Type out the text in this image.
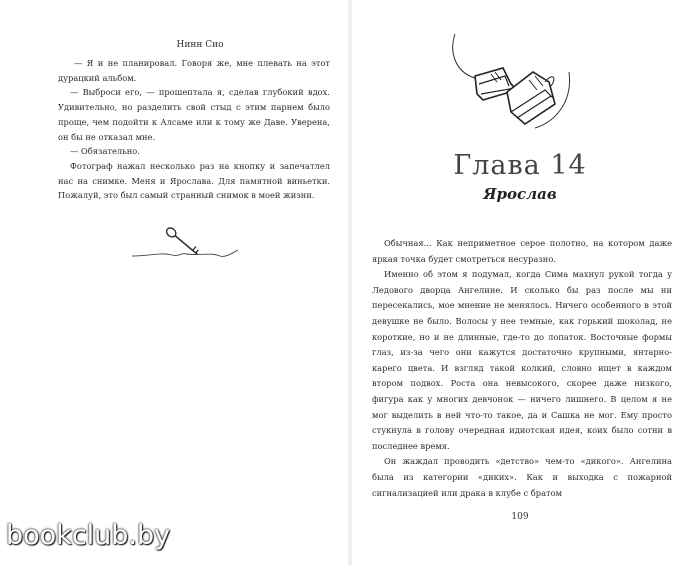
Нинн Сио

— Я и не планировал. Говоря же, мне плевать на этот дурацкий альбом.

— Выброси его, — прошептала я, сделав глубокий вдох. Удивительно, но разделить свой стыд с этим парнем было проще, чем подойти к Алсаме или к тому же Даве. Уверена, он бы не отказал мне.

— Обязательно.

Фотограф нажал несколько раз на кнопку и запечатлел нас на снимке. Меня и Ярослава. Для памятной виньетки. Пожалуй, это был самый странный снимок в моей жизни.

Глава 14
Ярослав

Обычная... Как неприметное серое полотно, на котором даже яркая точка будет смотреться несуразно.

Именно об этом я подумал, когда Сима махнул рукой тогда у Ледового дворца Ангелине. И сколько бы раз после мы ни пересекались, мое мнение не менялось. Ничего особенного в этой девушке не было. Волосы у нее темные, как горький шоколад, не короткие, но и не длинные, где-то до лопаток. Восточные формы глаз, из-за чего они кажутся достаточно крупными, янтарно-карего цвета. И взгляд такой колкий, словно ищет в каждом втором подвох. Роста она невысокого, скорее даже низкого, фигура как у многих девчонок — ничего лишнего. В целом я не мог выделить в ней что-то такое, да и Сашка не мог. Ему просто стукнула в голову очередная идиотская идея, коих было сотни в последнее время.

Он жаждал проводить «детство» чем-то «дикого». Ангелина была из категории «диких». Как и выходка с пожарной сигнализацией или драка в клубе с братом

109
bookclub.by
